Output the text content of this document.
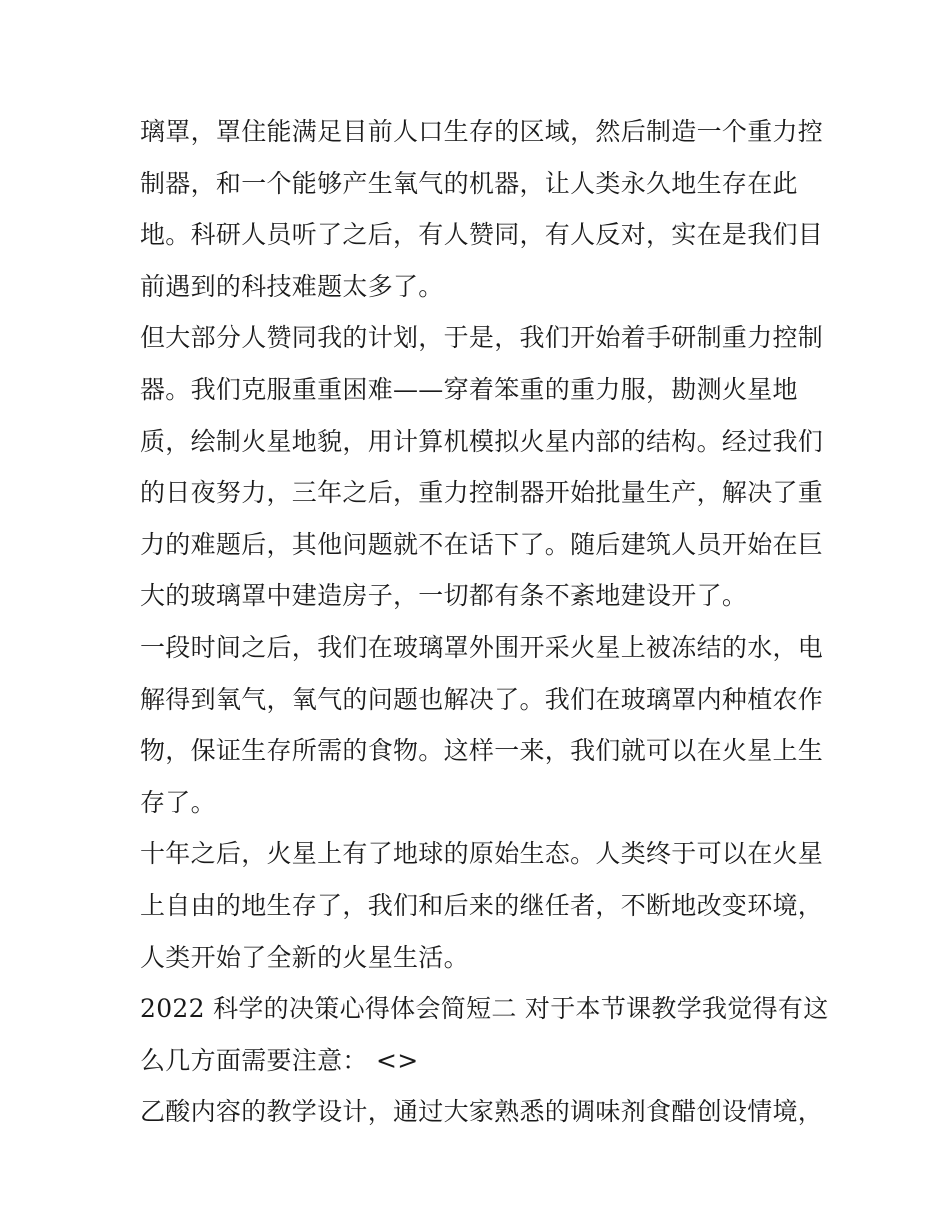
璃罩，罩住能满足目前人口生存的区域，然后制造一个重力控
制器，和一个能够产生氧气的机器，让人类永久地生存在此
地。科研人员听了之后，有人赞同，有人反对，实在是我们目
前遇到的科技难题太多了。
但大部分人赞同我的计划，于是，我们开始着手研制重力控制
器。我们克服重重困难——穿着笨重的重力服，勘测火星地
质，绘制火星地貌，用计算机模拟火星内部的结构。经过我们
的日夜努力，三年之后，重力控制器开始批量生产，解决了重
力的难题后，其他问题就不在话下了。随后建筑人员开始在巨
大的玻璃罩中建造房子，一切都有条不紊地建设开了。
一段时间之后，我们在玻璃罩外围开采火星上被冻结的水，电
解得到氧气，氧气的问题也解决了。我们在玻璃罩内种植农作
物，保证生存所需的食物。这样一来，我们就可以在火星上生
存了。
十年之后，火星上有了地球的原始生态。人类终于可以在火星
上自由的地生存了，我们和后来的继任者，不断地改变环境，
人类开始了全新的火星生活。
2022 科学的决策心得体会简短二 对于本节课教学我觉得有这
么几方面需要注意： <>
乙酸内容的教学设计，通过大家熟悉的调味剂食醋创设情境，
